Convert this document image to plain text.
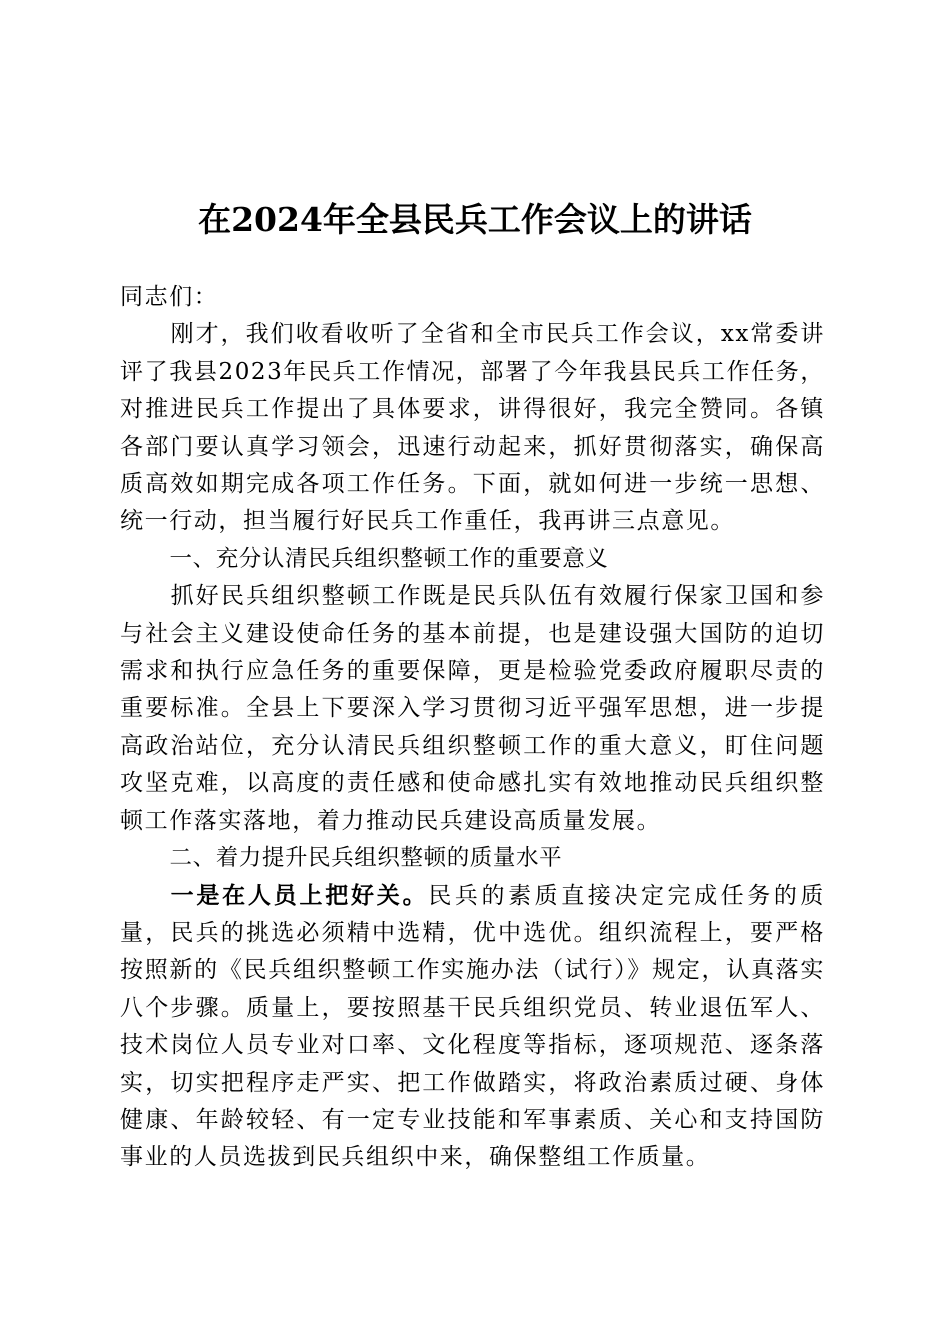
在2024年全县民兵工作会议上的讲话

同志们：

刚才，我们收看收听了全省和全市民兵工作会议，xx常委讲评了我县2023年民兵工作情况，部署了今年我县民兵工作任务，对推进民兵工作提出了具体要求，讲得很好，我完全赞同。各镇各部门要认真学习领会，迅速行动起来，抓好贯彻落实，确保高质高效如期完成各项工作任务。下面，就如何进一步统一思想、统一行动，担当履行好民兵工作重任，我再讲三点意见。

一、充分认清民兵组织整顿工作的重要意义

抓好民兵组织整顿工作既是民兵队伍有效履行保家卫国和参与社会主义建设使命任务的基本前提，也是建设强大国防的迫切需求和执行应急任务的重要保障，更是检验党委政府履职尽责的重要标准。全县上下要深入学习贯彻习近平强军思想，进一步提高政治站位，充分认清民兵组织整顿工作的重大意义，盯住问题攻坚克难，以高度的责任感和使命感扎实有效地推动民兵组织整顿工作落实落地，着力推动民兵建设高质量发展。

二、着力提升民兵组织整顿的质量水平

一是在人员上把好关。民兵的素质直接决定完成任务的质量，民兵的挑选必须精中选精，优中选优。组织流程上，要严格按照新的《民兵组织整顿工作实施办法（试行）》规定，认真落实八个步骤。质量上，要按照基干民兵组织党员、转业退伍军人、技术岗位人员专业对口率、文化程度等指标，逐项规范、逐条落实，切实把程序走严实、把工作做踏实，将政治素质过硬、身体健康、年龄较轻、有一定专业技能和军事素质、关心和支持国防事业的人员选拔到民兵组织中来，确保整组工作质量。
